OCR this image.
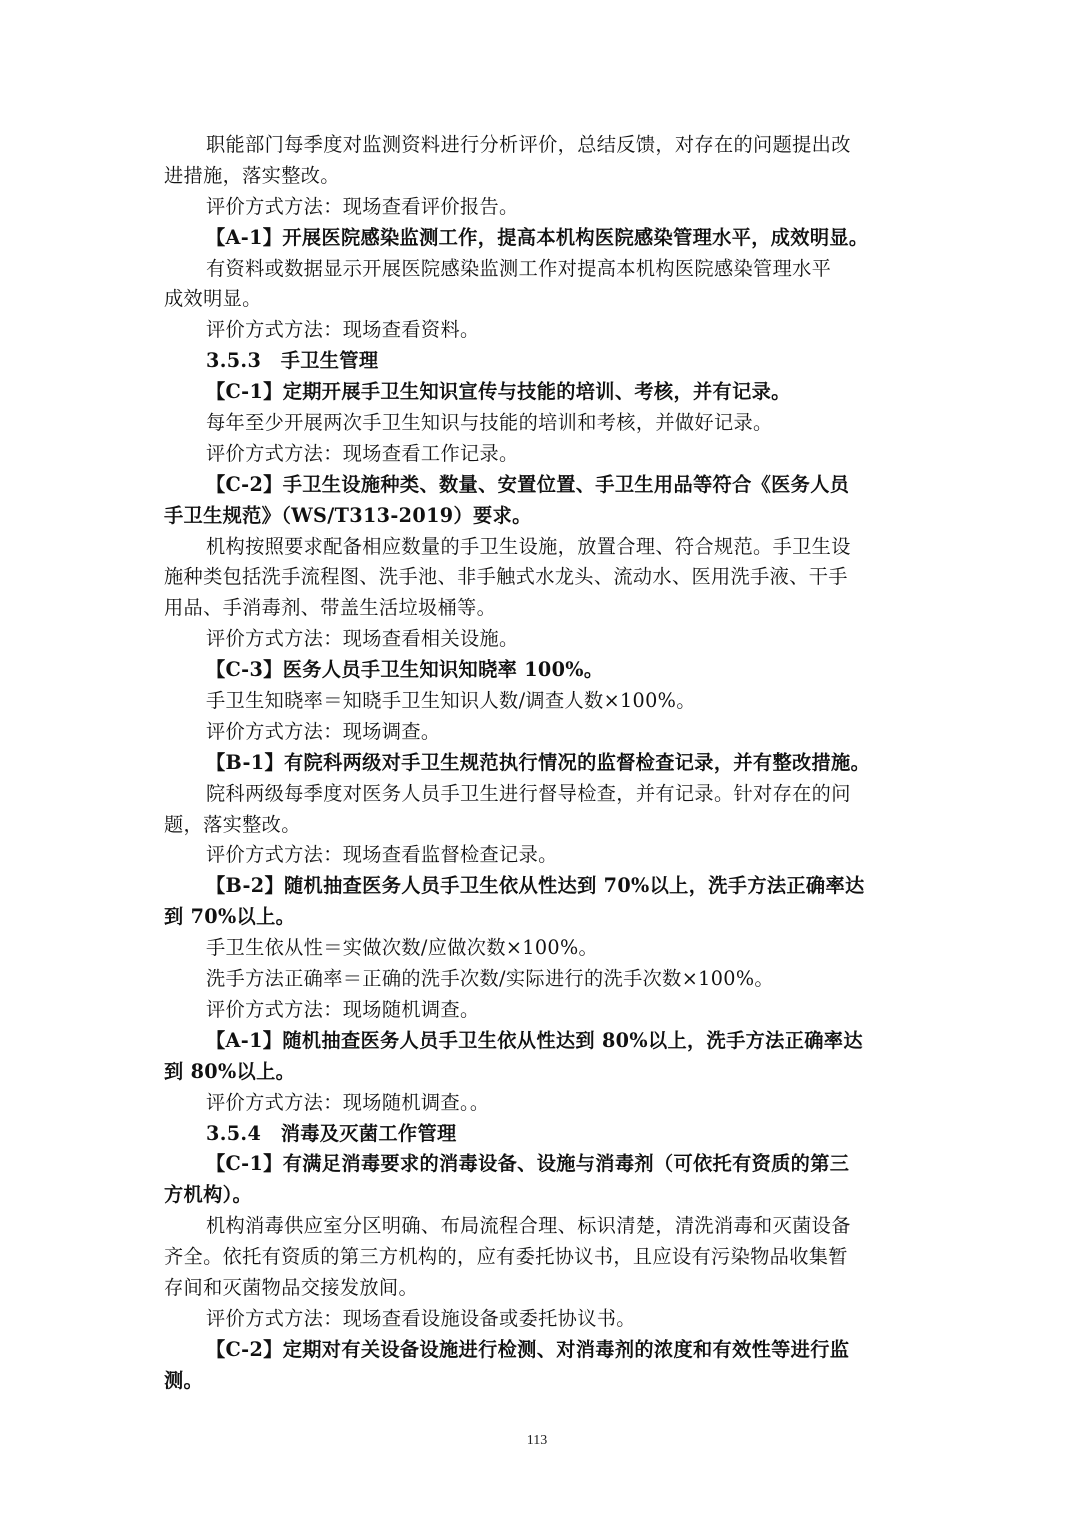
职能部门每季度对监测资料进行分析评价，总结反馈，对存在的问题提出改
进措施，落实整改。
评价方式方法：现场查看评价报告。
【A-1】开展医院感染监测工作，提高本机构医院感染管理水平，成效明显。
有资料或数据显示开展医院感染监测工作对提高本机构医院感染管理水平
成效明显。
评价方式方法：现场查看资料。
3.5.3　手卫生管理
【C-1】定期开展手卫生知识宣传与技能的培训、考核，并有记录。
每年至少开展两次手卫生知识与技能的培训和考核，并做好记录。
评价方式方法：现场查看工作记录。
【C-2】手卫生设施种类、数量、安置位置、手卫生用品等符合《医务人员
手卫生规范》（WS/T313-2019）要求。
机构按照要求配备相应数量的手卫生设施，放置合理、符合规范。手卫生设
施种类包括洗手流程图、洗手池、非手触式水龙头、流动水、医用洗手液、干手
用品、手消毒剂、带盖生活垃圾桶等。
评价方式方法：现场查看相关设施。
【C-3】医务人员手卫生知识知晓率 100%。
手卫生知晓率＝知晓手卫生知识人数/调查人数×100%。
评价方式方法：现场调查。
【B-1】有院科两级对手卫生规范执行情况的监督检查记录，并有整改措施。
院科两级每季度对医务人员手卫生进行督导检查，并有记录。针对存在的问
题，落实整改。
评价方式方法：现场查看监督检查记录。
【B-2】随机抽查医务人员手卫生依从性达到 70%以上，洗手方法正确率达
到 70%以上。
手卫生依从性＝实做次数/应做次数×100%。
洗手方法正确率＝正确的洗手次数/实际进行的洗手次数×100%。
评价方式方法：现场随机调查。
【A-1】随机抽查医务人员手卫生依从性达到 80%以上，洗手方法正确率达
到 80%以上。
评价方式方法：现场随机调查。。
3.5.4　消毒及灭菌工作管理
【C-1】有满足消毒要求的消毒设备、设施与消毒剂（可依托有资质的第三
方机构）。
机构消毒供应室分区明确、布局流程合理、标识清楚，清洗消毒和灭菌设备
齐全。依托有资质的第三方机构的，应有委托协议书，且应设有污染物品收集暂
存间和灭菌物品交接发放间。
评价方式方法：现场查看设施设备或委托协议书。
【C-2】定期对有关设备设施进行检测、对消毒剂的浓度和有效性等进行监
测。
113
